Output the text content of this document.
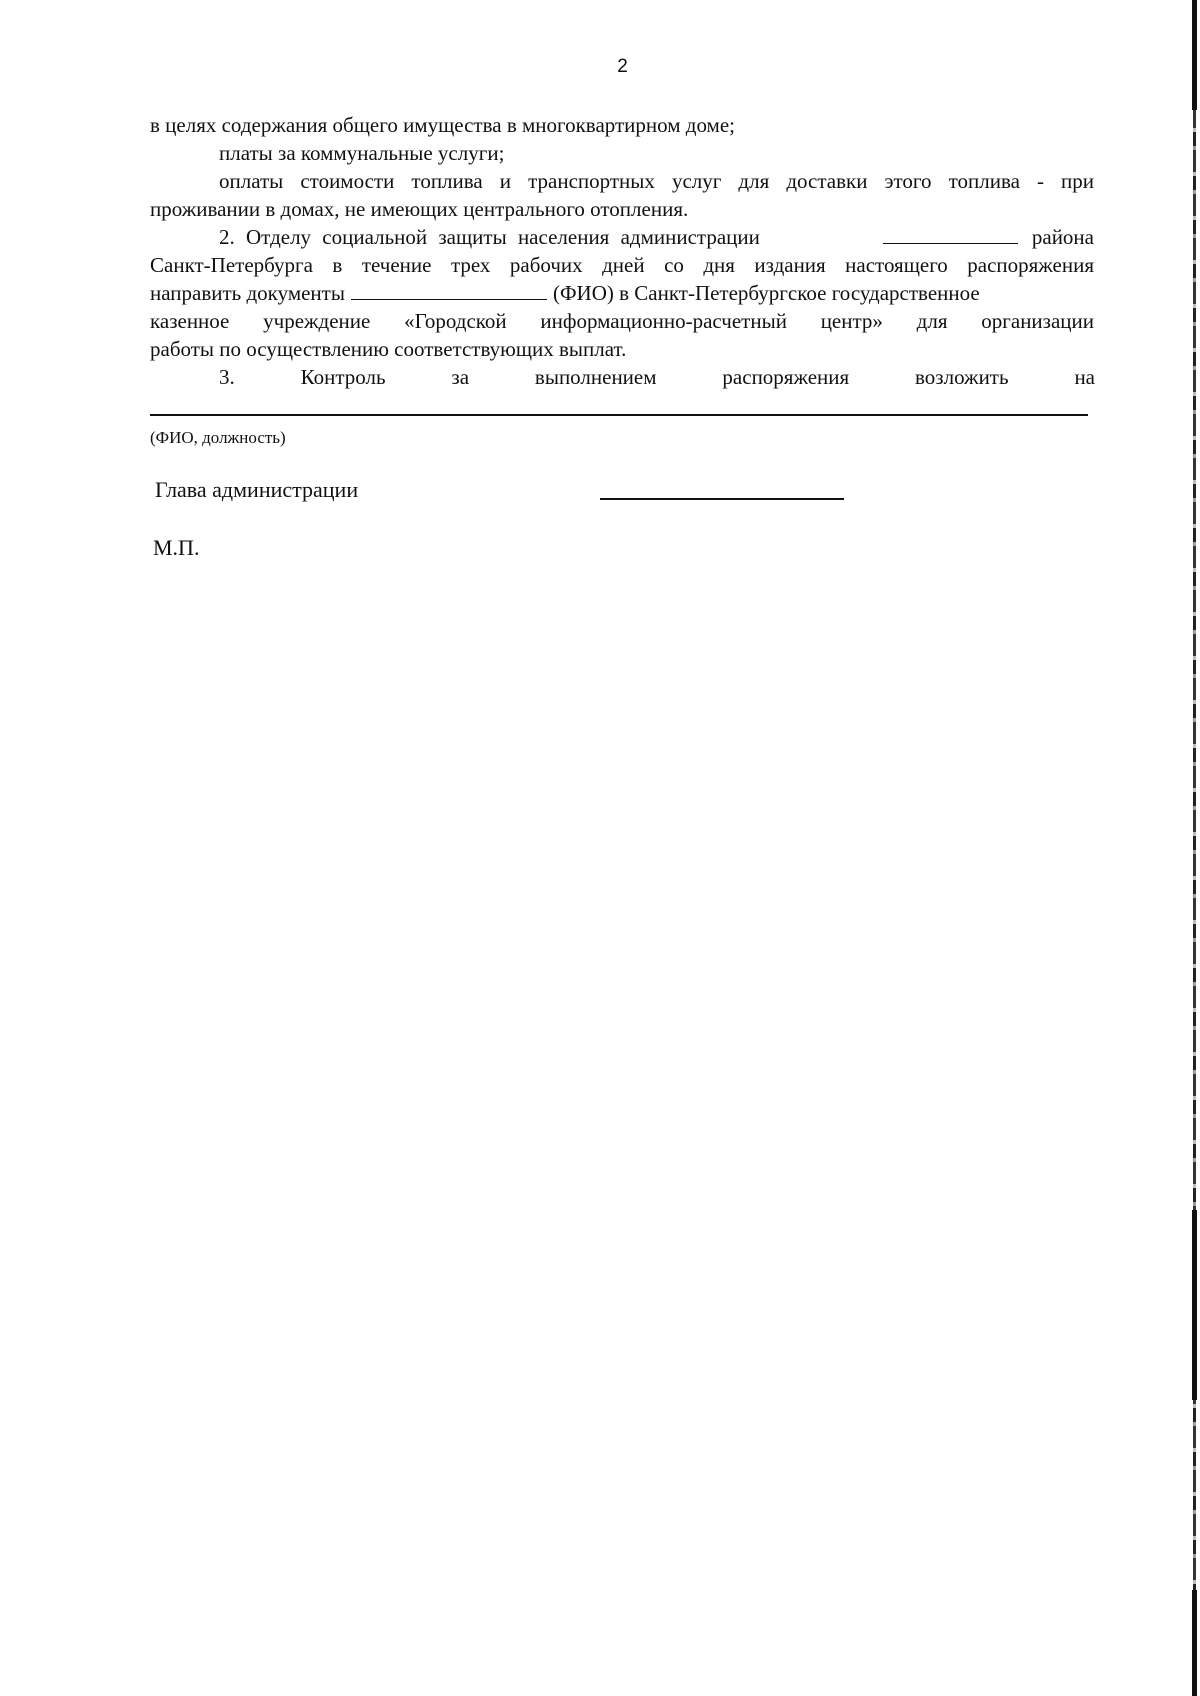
2
в целях содержания общего имущества в многоквартирном доме;
платы за коммунальные услуги;
оплаты стоимости топлива и транспортных услуг для доставки этого топлива - при
проживании в домах, не имеющих центрального отопления.
2. Отделу социальной защиты населения администрации	района
Санкт-Петербурга в течение трех рабочих дней со дня издания настоящего распоряжения
направить документы	(ФИО) в Санкт-Петербургское государственное
казенное учреждение «Городской информационно-расчетный центр» для организации
работы по осуществлению соответствующих выплат.
3.	Контроль	за	выполнением	распоряжения	возложить	на
(ФИО, должность)
Глава администрации
М.П.
